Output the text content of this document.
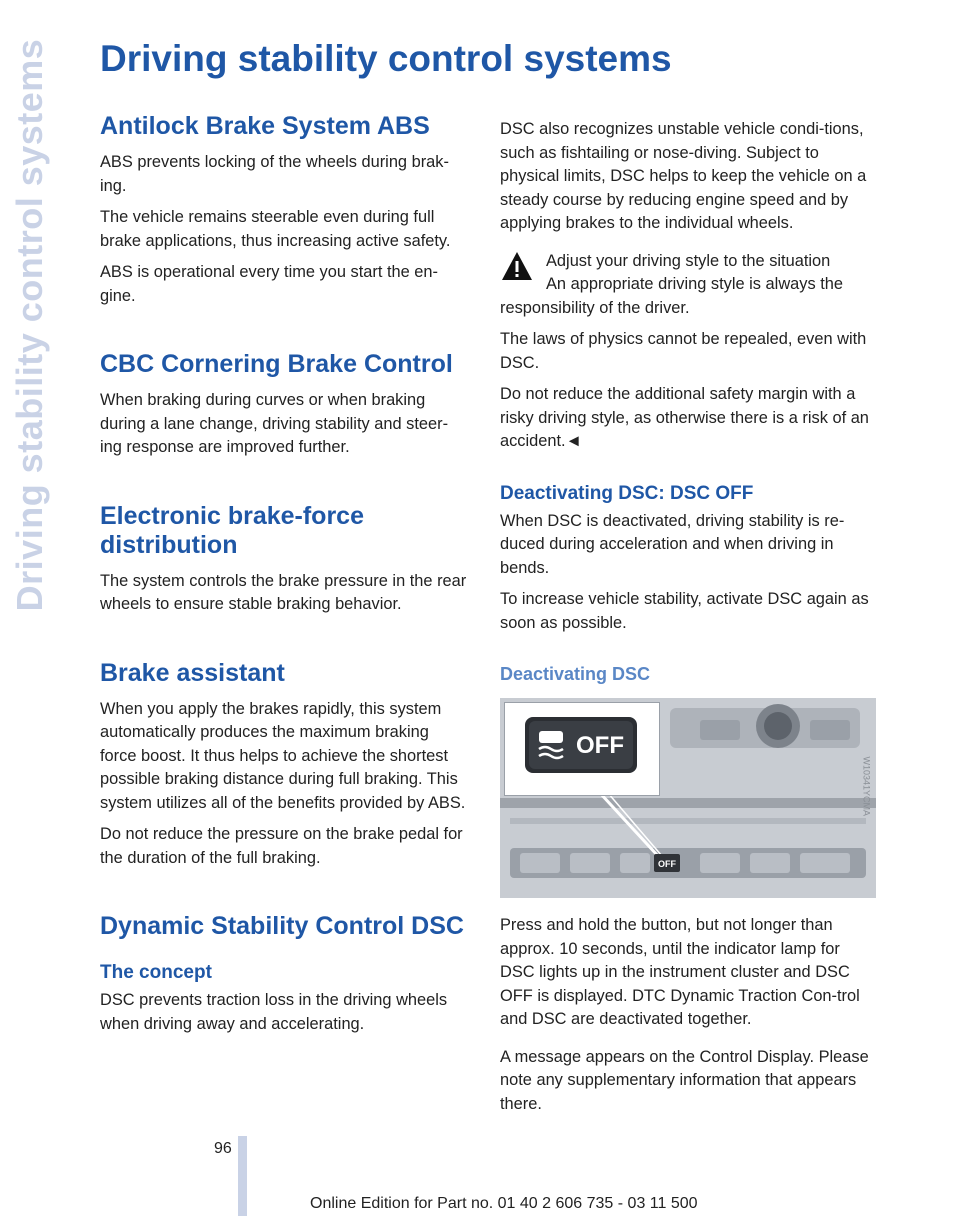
Driving stability control systems Driving stability control systems
Antilock Brake System ABS

ABS prevents locking of the wheels during brak-ing.

The vehicle remains steerable even during full brake applications, thus increasing active safety.

ABS is operational every time you start the en-gine.

CBC Cornering Brake Control

When braking during curves or when braking during a lane change, driving stability and steer-ing response are improved further.

Electronic brake-force distribution

The system controls the brake pressure in the rear wheels to ensure stable braking behavior.

Brake assistant

When you apply the brakes rapidly, this system automatically produces the maximum braking force boost. It thus helps to achieve the shortest possible braking distance during full braking. This system utilizes all of the benefits provided by ABS.

Do not reduce the pressure on the brake pedal for the duration of the full braking.

Dynamic Stability Control DSC
The concept

DSC prevents traction loss in the driving wheels when driving away and accelerating.

DSC also recognizes unstable vehicle condi-tions, such as fishtailing or nose-diving. Subject to physical limits, DSC helps to keep the vehicle on a steady course by reducing engine speed and by applying brakes to the individual wheels.

Adjust your driving style to the situation

An appropriate driving style is always the responsibility of the driver.

The laws of physics cannot be repealed, even with DSC.

Do not reduce the additional safety margin with a risky driving style, as otherwise there is a risk of an accident.◄

Deactivating DSC: DSC OFF

When DSC is deactivated, driving stability is re-duced during acceleration and when driving in bends.

To increase vehicle stability, activate DSC again as soon as possible.

Deactivating DSC
OFF
OFF
W10341YCMA

Press and hold the button, but not longer than approx. 10 seconds, until the indicator lamp for DSC lights up in the instrument cluster and DSC OFF is displayed. DTC Dynamic Traction Con-trol and DSC are deactivated together.

A message appears on the Control Display. Please note any supplementary information that appears there.

96
Online Edition for Part no. 01 40 2 606 735 - 03 11 500
